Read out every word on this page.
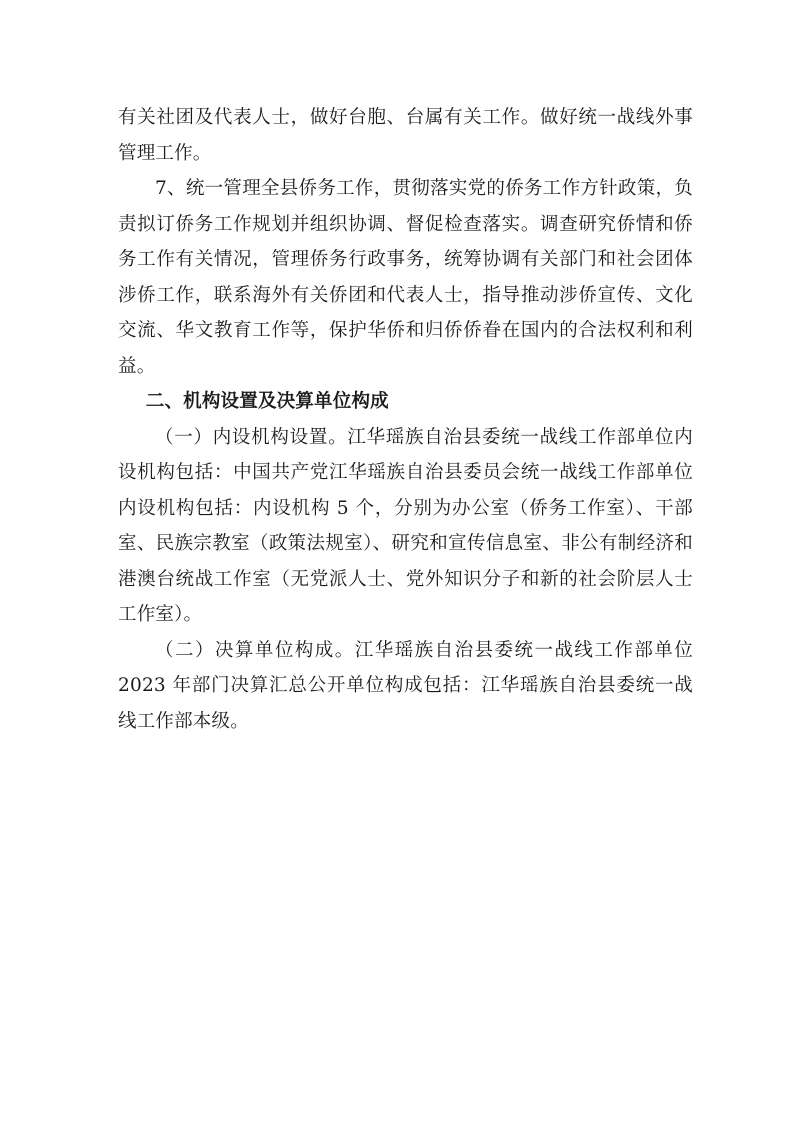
有关社团及代表人士，做好台胞、台属有关工作。做好统一战线外事管理工作。

7、统一管理全县侨务工作，贯彻落实党的侨务工作方针政策，负责拟订侨务工作规划并组织协调、督促检查落实。调查研究侨情和侨务工作有关情况，管理侨务行政事务，统筹协调有关部门和社会团体涉侨工作，联系海外有关侨团和代表人士，指导推动涉侨宣传、文化交流、华文教育工作等，保护华侨和归侨侨眷在国内的合法权利和利益。

二、机构设置及决算单位构成

（一）内设机构设置。江华瑶族自治县委统一战线工作部单位内设机构包括：中国共产党江华瑶族自治县委员会统一战线工作部单位内设机构包括：内设机构 5 个，分别为办公室（侨务工作室）、干部室、民族宗教室（政策法规室）、研究和宣传信息室、非公有制经济和港澳台统战工作室（无党派人士、党外知识分子和新的社会阶层人士工作室）。

（二）决算单位构成。江华瑶族自治县委统一战线工作部单位 2023 年部门决算汇总公开单位构成包括：江华瑶族自治县委统一战线工作部本级。
